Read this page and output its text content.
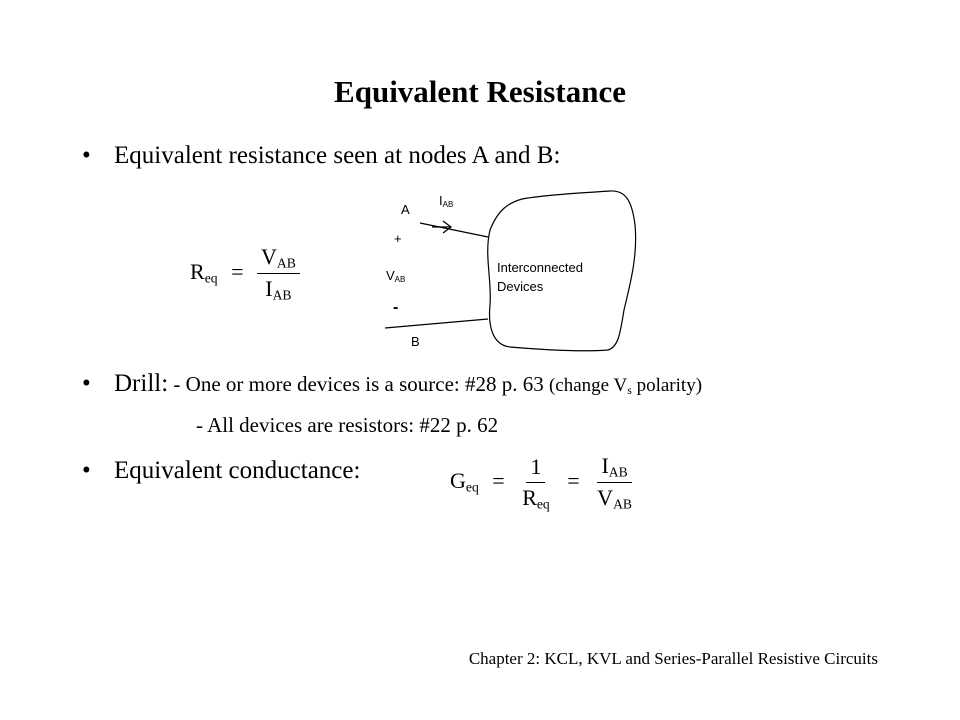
Equivalent Resistance
• Equivalent resistance seen at nodes A and B:
$R_{eq} = \frac{V_{AB}}{I_{AB}}$
A
$I_{AB}$
+
$V_{AB}$
-
B
Interconnected
Devices
• Drill: - One or more devices is a source: #28 p. 63 (change $V_s$ polarity)
- All devices are resistors: #22 p. 62
• Equivalent conductance:	$G_{eq} = \frac{1}{R_{eq}} = \frac{I_{AB}}{V_{AB}}$
Chapter 2: KCL, KVL and Series-Parallel Resistive Circuits
